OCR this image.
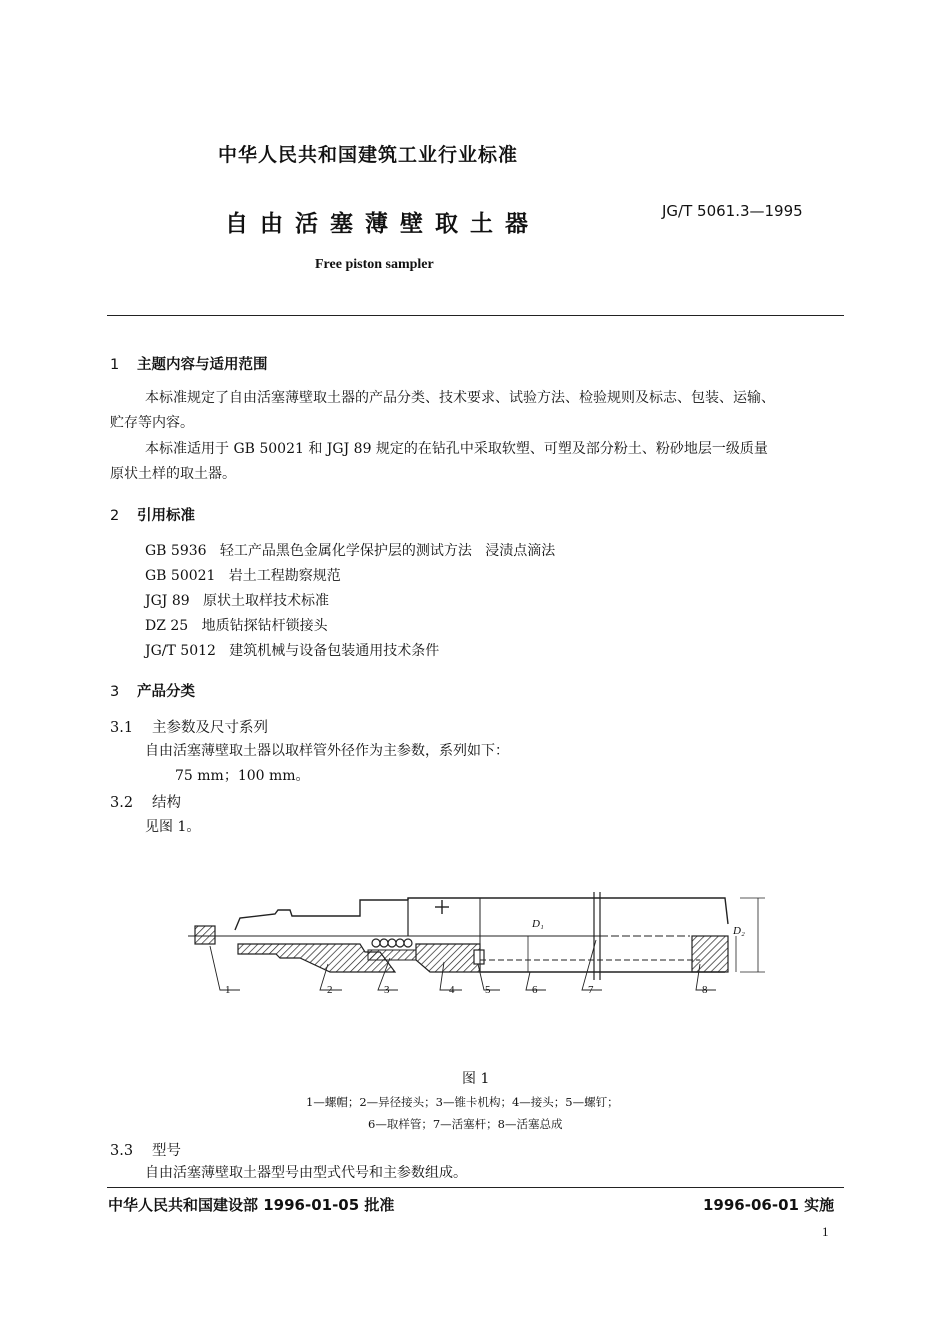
中华人民共和国建筑工业行业标准
自由活塞薄壁取土器	JG/T 5061.3—1995
Free piston sampler
1 主题内容与适用范围
本标准规定了自由活塞薄壁取土器的产品分类、技术要求、试验方法、检验规则及标志、包装、运输、
贮存等内容。
本标准适用于 GB 50021 和 JGJ 89 规定的在钻孔中采取软塑、可塑及部分粉土、粉砂地层一级质量
原状土样的取土器。
2 引用标准
GB 5936   轻工产品黑色金属化学保护层的测试方法   浸渍点滴法
GB 50021   岩土工程勘察规范
JGJ 89   原状土取样技术标准
DZ 25   地质钻探钻杆锁接头
JG/T 5012   建筑机械与设备包装通用技术条件
3 产品分类
3.1 主参数及尺寸系列
自由活塞薄壁取土器以取样管外径作为主参数，系列如下：
75 mm；100 mm。
3.2 结构
见图 1。
D₁
D₂
1	2	3	4	5	6	7	8
图 1
1—螺帽；2—异径接头；3—锥卡机构；4—接头；5—螺钉；
6—取样管；7—活塞杆；8—活塞总成
3.3 型号
自由活塞薄壁取土器型号由型式代号和主参数组成。
中华人民共和国建设部 1996-01-05 批准	1996-06-01 实施
1
